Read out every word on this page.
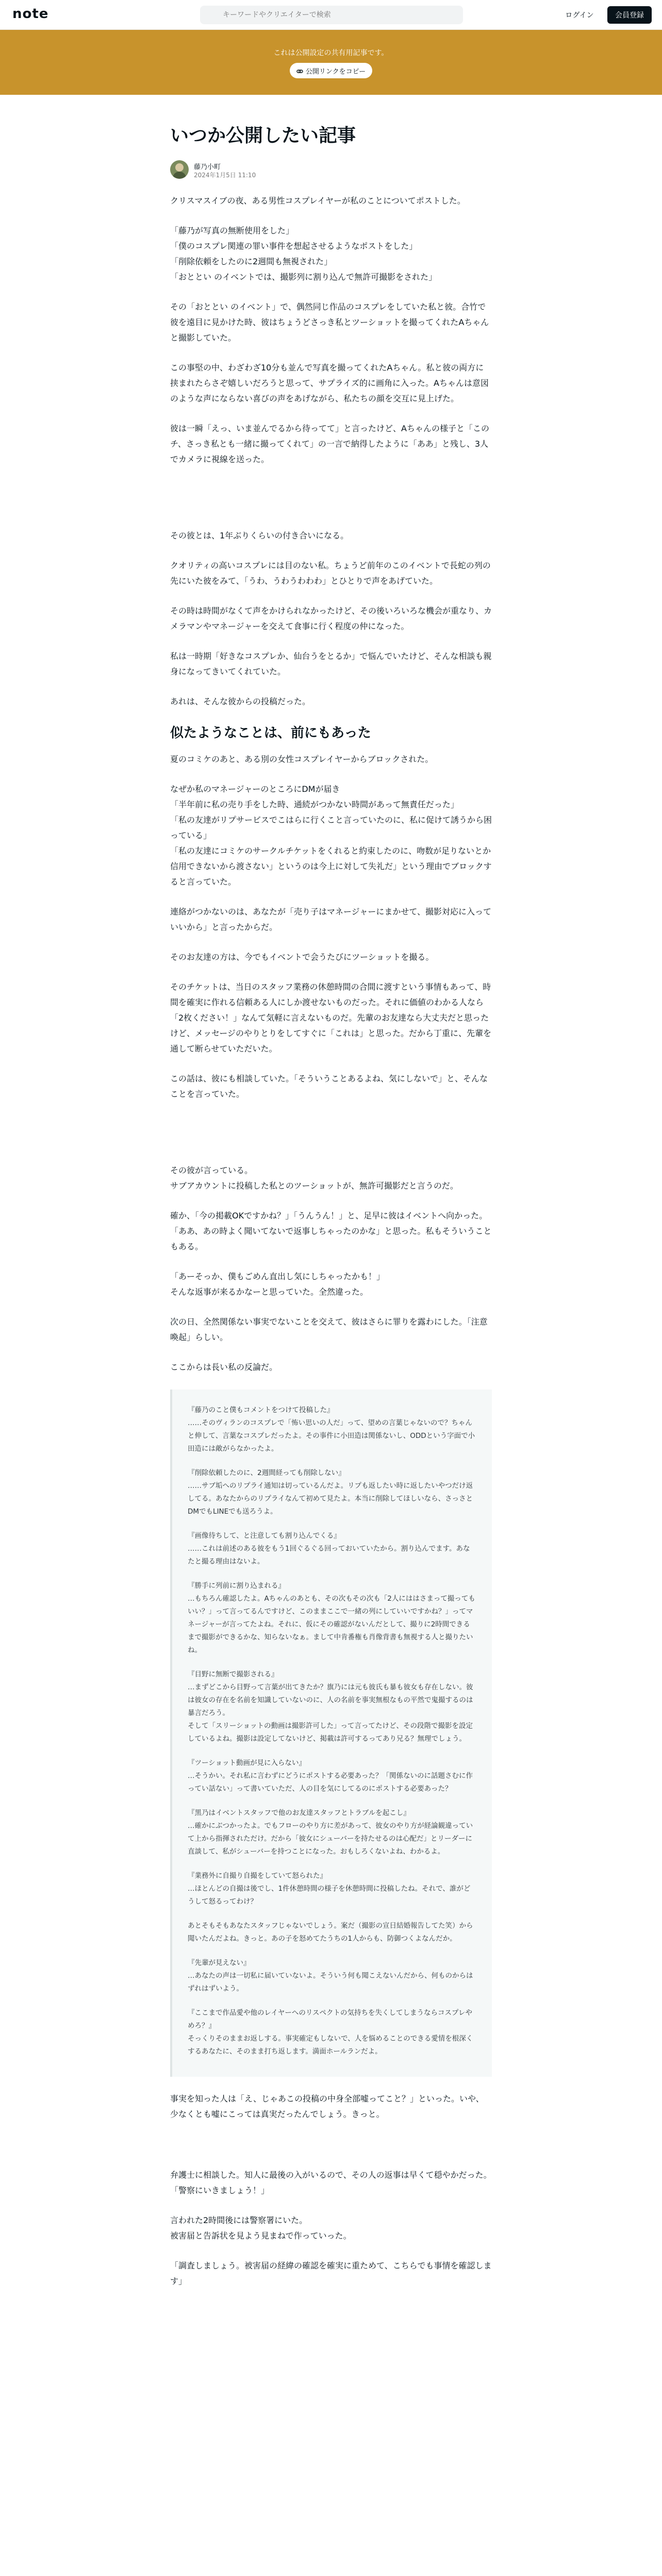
note
キーワードやクリエイターで検索	ログイン	会員登録
これは公開設定の共有用記事です。
公開リンクをコピー
いつか公開したい記事
藤乃小町
2024年1月5日 11:10

クリスマスイブの夜、ある男性コスプレイヤーが私のことについてポストした。

「藤乃が写真の無断使用をした」
「僕のコスプレ関連の罪い事件を想起させるようなポストをした」
「削除依頼をしたのに2週間も無視された」
「おととい のイベントでは、撮影列に割り込んで無許可撮影をされた」

その「おととい のイベント」で、偶然同じ作品のコスプレをしていた私と彼。合竹で彼を遠目に見かけた時、彼はちょうどさっき私とツーショットを撮ってくれたAちゃんと撮影していた。

この事堅の中、わざわざ10分も並んで写真を撮ってくれたAちゃん。私と彼の両方に挟まれたらさぞ嬉しいだろうと思って、サプライズ的に画角に入った。Aちゃんは意図のような声にならない喜びの声をあげながら、私たちの顔を交互に見上げた。

彼は一瞬「えっ、いま並んでるから待ってて」と言ったけど、Aちゃんの様子と「このチ、さっき私とも一緒に撮ってくれて」の一言で納得したように「ああ」と残し、3人でカメラに視線を送った。

その彼とは、1年ぶりくらいの付き合いになる。

クオリティの高いコスプレには目のない私。ちょうど前年のこのイベントで長蛇の列の先にいた彼をみて、「うわ、うわうわわわ」とひとりで声をあげていた。

その時は時間がなくて声をかけられなかったけど、その後いろいろな機会が重なり、カメラマンやマネージャーを交えて食事に行く程度の仲になった。

私は一時期「好きなコスプレか、仙台うをとるか」で悩んでいたけど、そんな相談も親身になってきいてくれていた。

あれは、そんな彼からの投稿だった。

似たようなことは、前にもあった

夏のコミケのあと、ある別の女性コスプレイヤーからブロックされた。

なぜか私のマネージャーのところにDMが届き
「半年前に私の売り手をした時、通続がつかない時間があって無責任だった」
「私の友達がリプサービスでこはらに行くこと言っていたのに、私に促けて誘うから困っている」
「私の友達にコミケのサークルチケットをくれると約束したのに、吻数が足りないとか信用できないから渡さない」というのは今上に対して失礼だ」という理由でブロックすると言っていた。

連絡がつかないのは、あなたが「売り子はマネージャーにまかせて、撮影対応に入っていいから」と言ったからだ。

そのお友達の方は、今でもイベントで会うたびにツーショットを撮る。

そのチケットは、当日のスタッフ業務の休憩時間の合間に渡すという事情もあって、時間を確実に作れる信頼ある人にしか渡せないものだった。それに価値のわかる人なら「2枚ください！」なんて気軽に言えないものだ。先輩のお友達なら大丈夫だと思ったけど、メッセージのやりとりをしてすぐに「これは」と思った。だから丁重に、先輩を通して断らせていただいた。

この話は、彼にも相談していた。「そういうことあるよね、気にしないで」と、そんなことを言っていた。

その彼が言っている。
サブアカウントに投稿した私とのツーショットが、無許可撮影だと言うのだ。

確か、「今の掲載OKですかね？」「うんうん！」と、足早に彼はイベントへ向かった。「ああ、あの時よく聞いてないで返事しちゃったのかな」と思った。私もそういうこともある。

「あーそっか、僕もごめん直出し気にしちゃったかも！」
そんな返事が来るかなーと思っていた。全然違った。

次の日、全然関係ない事実でないことを交えて、彼はさらに罪りを露わにした。「注意喚起」らしい。

ここからは長い私の反論だ。

『藤乃のこと僕もコメントをつけて投稿した』
……そのヴィランのコスプレで「怖い思いの人だ」って、望めの言葉じゃないので？ちゃんと伸して、言葉なコスプレだったよ。その事件に小田造は関係ないし、ODDという字面で小田造には敵がらなかったよ。

『削除依頼したのに、2週間経っても削除しない』
……サブ垢へのリプライ通知は切っているんだよ。リプも返したい時に返したいやつだけ返してる。あなたからのリプライなんて初めて見たよ。本当に削除してほしいなら、さっさとDMでもLINEでも送ろうよ。

『画像待ちして、と注意しても割り込んでくる』
……これは前述のある彼をもう1回ぐるぐる回っておいていたから。割り込んでます。あなたと撮る理由はないよ。

『勝手に列前に割り込まれる』
…もちろん確認したよ。Aちゃんのあとも、その次もその次も「2人にははさまって撮ってもいい？」って言ってるんですけど、このままここで一緒の列にしていいですかね？」ってマネージャーが言ってたよね。それに、仮にその確認がないんだとして、撮りに2時間できるまで撮影ができるかな、知らないなぁ。まして中肯番権も肖像背書も無視する人と撮りたいね。

『目野に無断で撮影される』
…まずどこから目野って言葉が出てきたか？旗乃には元も彼氏も暴も彼女も存在しない。彼は彼女の存在を名前を知識していないのに、人の名前を事実無根なもの平然で鬼撮するのは暴言だろう。
そして「スリーショットの動画は撮影許可した」って言ってたけど、その段階で撮影を設定しているよね。撮影は設定してないけど、掲載は許可するってあり兄る？無理でしょう。

『ツーショット動画が見に入らない』
…そうかい。それ私に言わずにどうにポストする必要あった？「関係ないのに話題さむに作ってい話ない」って書いていただ、人の目を気にしてるのにポストする必要あった？

『黒乃はイベントスタッフで他のお友達スタッフとトラブルを起こし』
…確かにぶつかったよ。でもフローのやり方に差があって、彼女のやり方が経論観違っていて上から指揮されただけ。だから「彼女にシューバーを持たせるのは心配だ」とリーダーに直談して、私がシューバーを持つことになった。おもしろくないよね、わかるよ。

『業務外に自撮り自撮をしていて怒られた』
…ほとんどの自撮は後でし、1件休憩時間の様子を休憩時間に投稿したね。それで、誰がどうして怒るってわけ？

あとそもそもあなたスタッフじゃないでしょう。案だ（撮影の宣日結婚報告してた笑）から聞いたんだよね。きっと。あの子を怒めてたうちの1人からも、防御つくよなんだか。

『先輩が見えない』
…あなたの声は一切私に届いていないよ。そういう何も聞こえないんだから、何ものからはずれはずいよう。

『ここまで作品愛や他のレイヤーへのリスペクトの気持ちを失くしてしまうならコスプレやめろ？』
そっくりそのままお返しする。事実確定もしないで、人を悩めることのできる愛情を根深くするあなたに、そのまま打ち返します。満面ホールランだよ。

事実を知った人は「え、じゃあこの投稿の中身全部嘘ってこと？」といった。いや、少なくとも嘘にこっては真実だったんでしょう。きっと。

弁護士に相談した。知人に最後の入がいるので、その人の返事は早くて穏やかだった。「警察にいきましょう！」

言われた2時間後には警察署にいた。
被害届と告訴状を見よう見まねで作っていった。

「調査しましょう。被害届の経緯の確認を確実に重ためて、こちらでも事情を確認します」
